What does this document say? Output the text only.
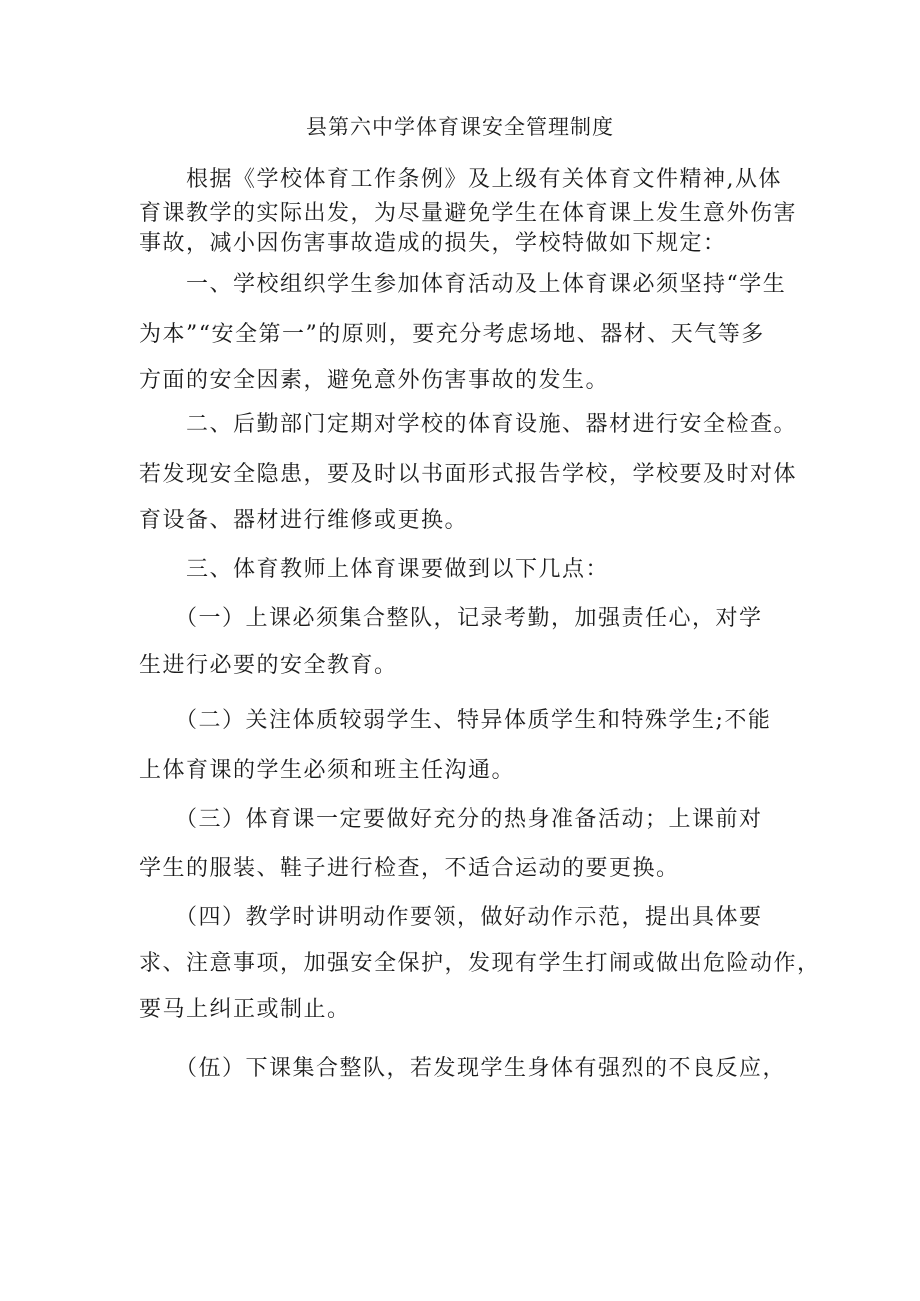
县第六中学体育课安全管理制度
　　根据《学校体育工作条例》及上级有关体育文件精神,从体
育课教学的实际出发，为尽量避免学生在体育课上发生意外伤害
事故，减小因伤害事故造成的损失，学校特做如下规定：
　　一、学校组织学生参加体育活动及上体育课必须坚持“学生
为本”“安全第一”的原则，要充分考虑场地、器材、天气等多
方面的安全因素，避免意外伤害事故的发生。
　　二、后勤部门定期对学校的体育设施、器材进行安全检查。
若发现安全隐患，要及时以书面形式报告学校，学校要及时对体
育设备、器材进行维修或更换。
　　三、体育教师上体育课要做到以下几点：
　　（一）上课必须集合整队，记录考勤，加强责任心，对学
生进行必要的安全教育。
　　（二）关注体质较弱学生、特异体质学生和特殊学生;不能
上体育课的学生必须和班主任沟通。
　　（三）体育课一定要做好充分的热身准备活动；上课前对
学生的服装、鞋子进行检查，不适合运动的要更换。
　　（四）教学时讲明动作要领，做好动作示范，提出具体要
求、注意事项，加强安全保护，发现有学生打闹或做出危险动作，
要马上纠正或制止。
　　（伍）下课集合整队，若发现学生身体有强烈的不良反应，
